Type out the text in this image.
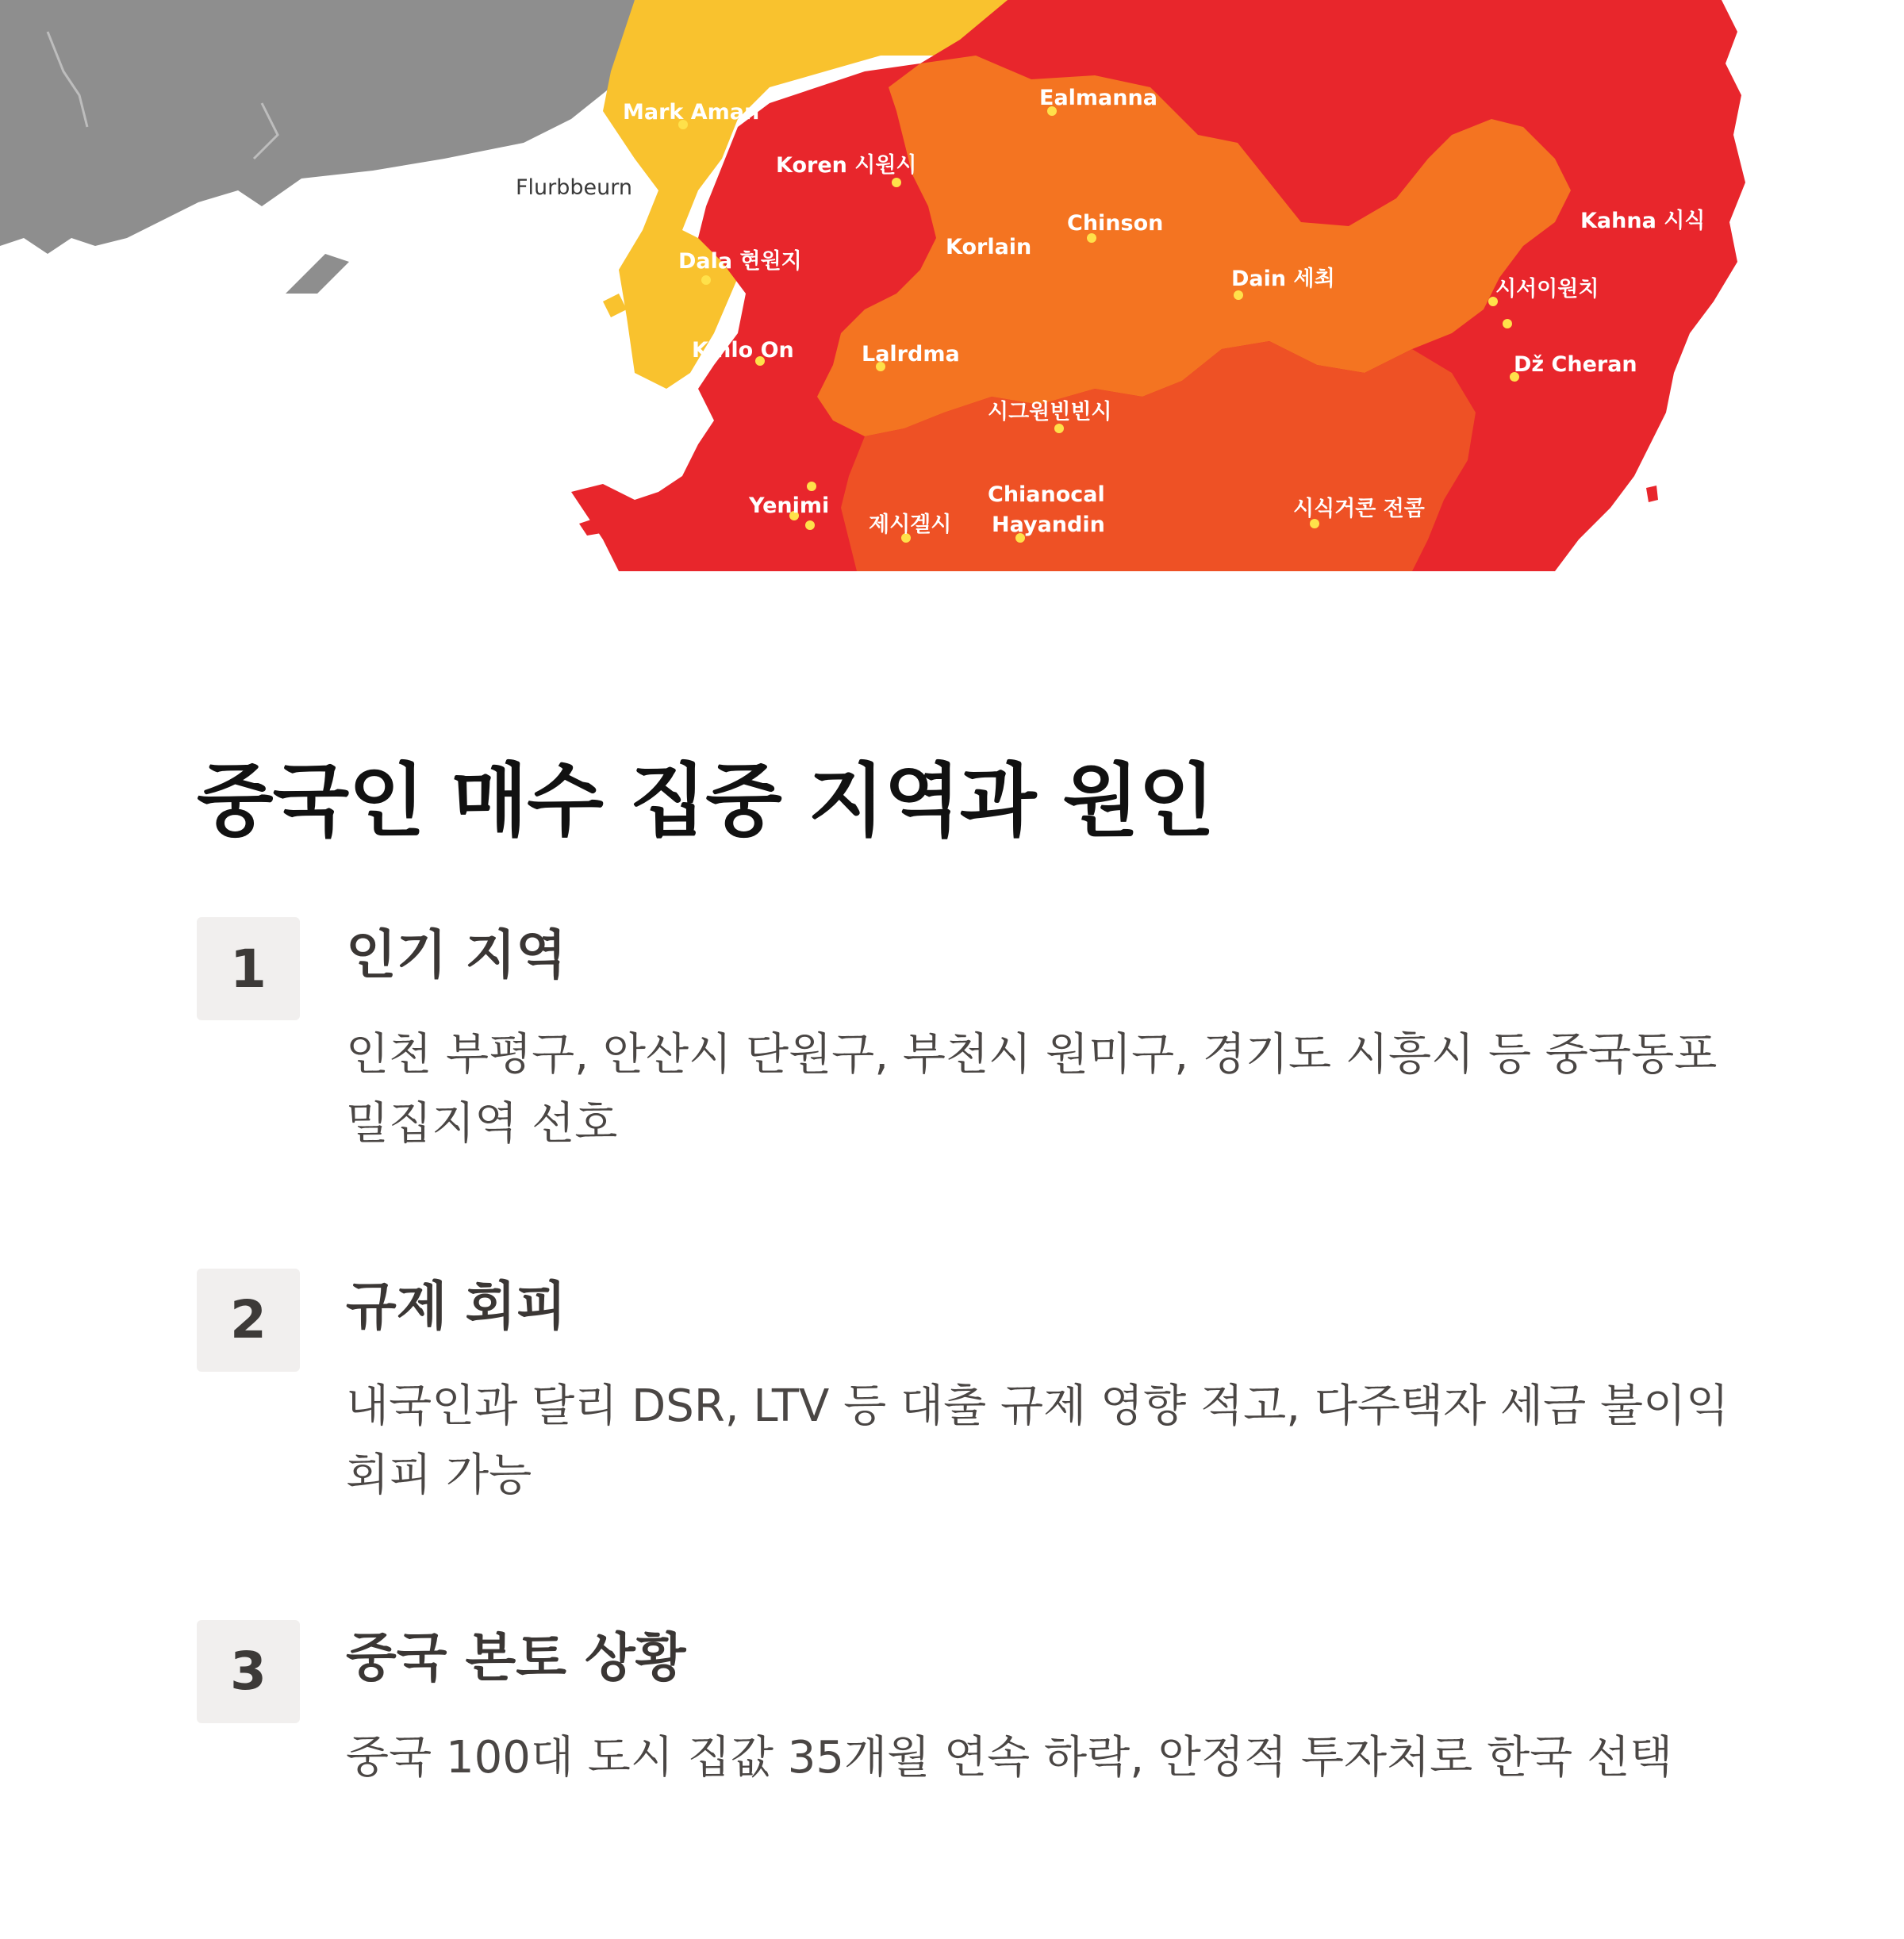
Mark Aman
Ealmanna
Koren 시원시
Flurbbeurn
Chinson
Korlain
Kahna 시식
Dain 세최
Dala 현원지
시서이원치
Kinlo On	Lalrdma	Dž Cheran
시그원빈빈시
Chianocal
Hayandin
Yenimi
제시겔시
시식거콘 전콤
중국인 매수 집중 지역과 원인
1	인기 지역

인천 부평구, 안산시 단원구, 부천시 원미구, 경기도 시흥시 등 중국동포 밀집지역 선호

2	규제 회피

내국인과 달리 DSR, LTV 등 대출 규제 영향 적고, 다주택자 세금 불이익 회피 가능

3	중국 본토 상황

중국 100대 도시 집값 35개월 연속 하락, 안정적 투자처로 한국 선택
